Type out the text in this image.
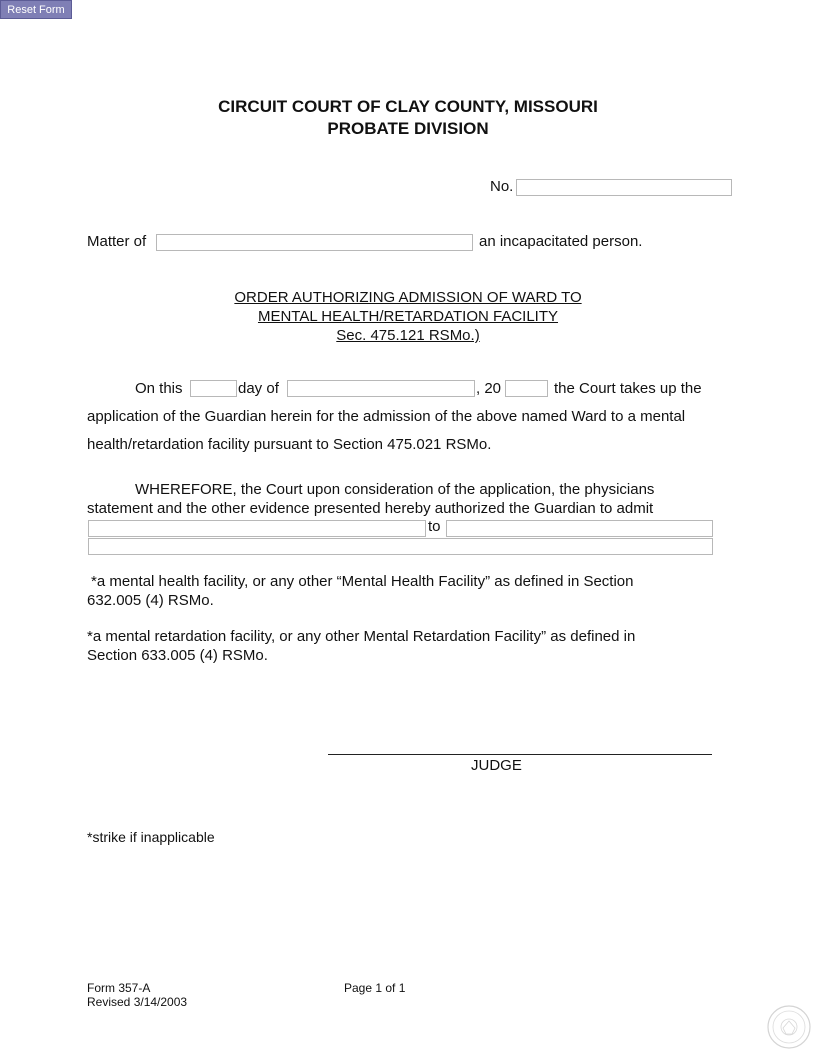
Reset Form
CIRCUIT COURT OF CLAY COUNTY, MISSOURI
PROBATE DIVISION
No.
Matter of	an incapacitated person.
ORDER AUTHORIZING ADMISSION OF WARD TO
MENTAL HEALTH/RETARDATION FACILITY
Sec. 475.121 RSMo.)
On this	day of	, 20	the Court takes up the
application of the Guardian herein for the admission of the above named Ward to a mental
health/retardation facility pursuant to Section 475.021 RSMo.
WHEREFORE, the Court upon consideration of the application, the physicians
statement and the other evidence presented hereby authorized the Guardian to admit
to
*a mental health facility, or any other “Mental Health Facility” as defined in Section
632.005 (4) RSMo.
*a mental retardation facility, or any other Mental Retardation Facility” as defined in
Section 633.005 (4) RSMo.
JUDGE
*strike if inapplicable
Form 357-A
Revised 3/14/2003
Page 1 of 1
